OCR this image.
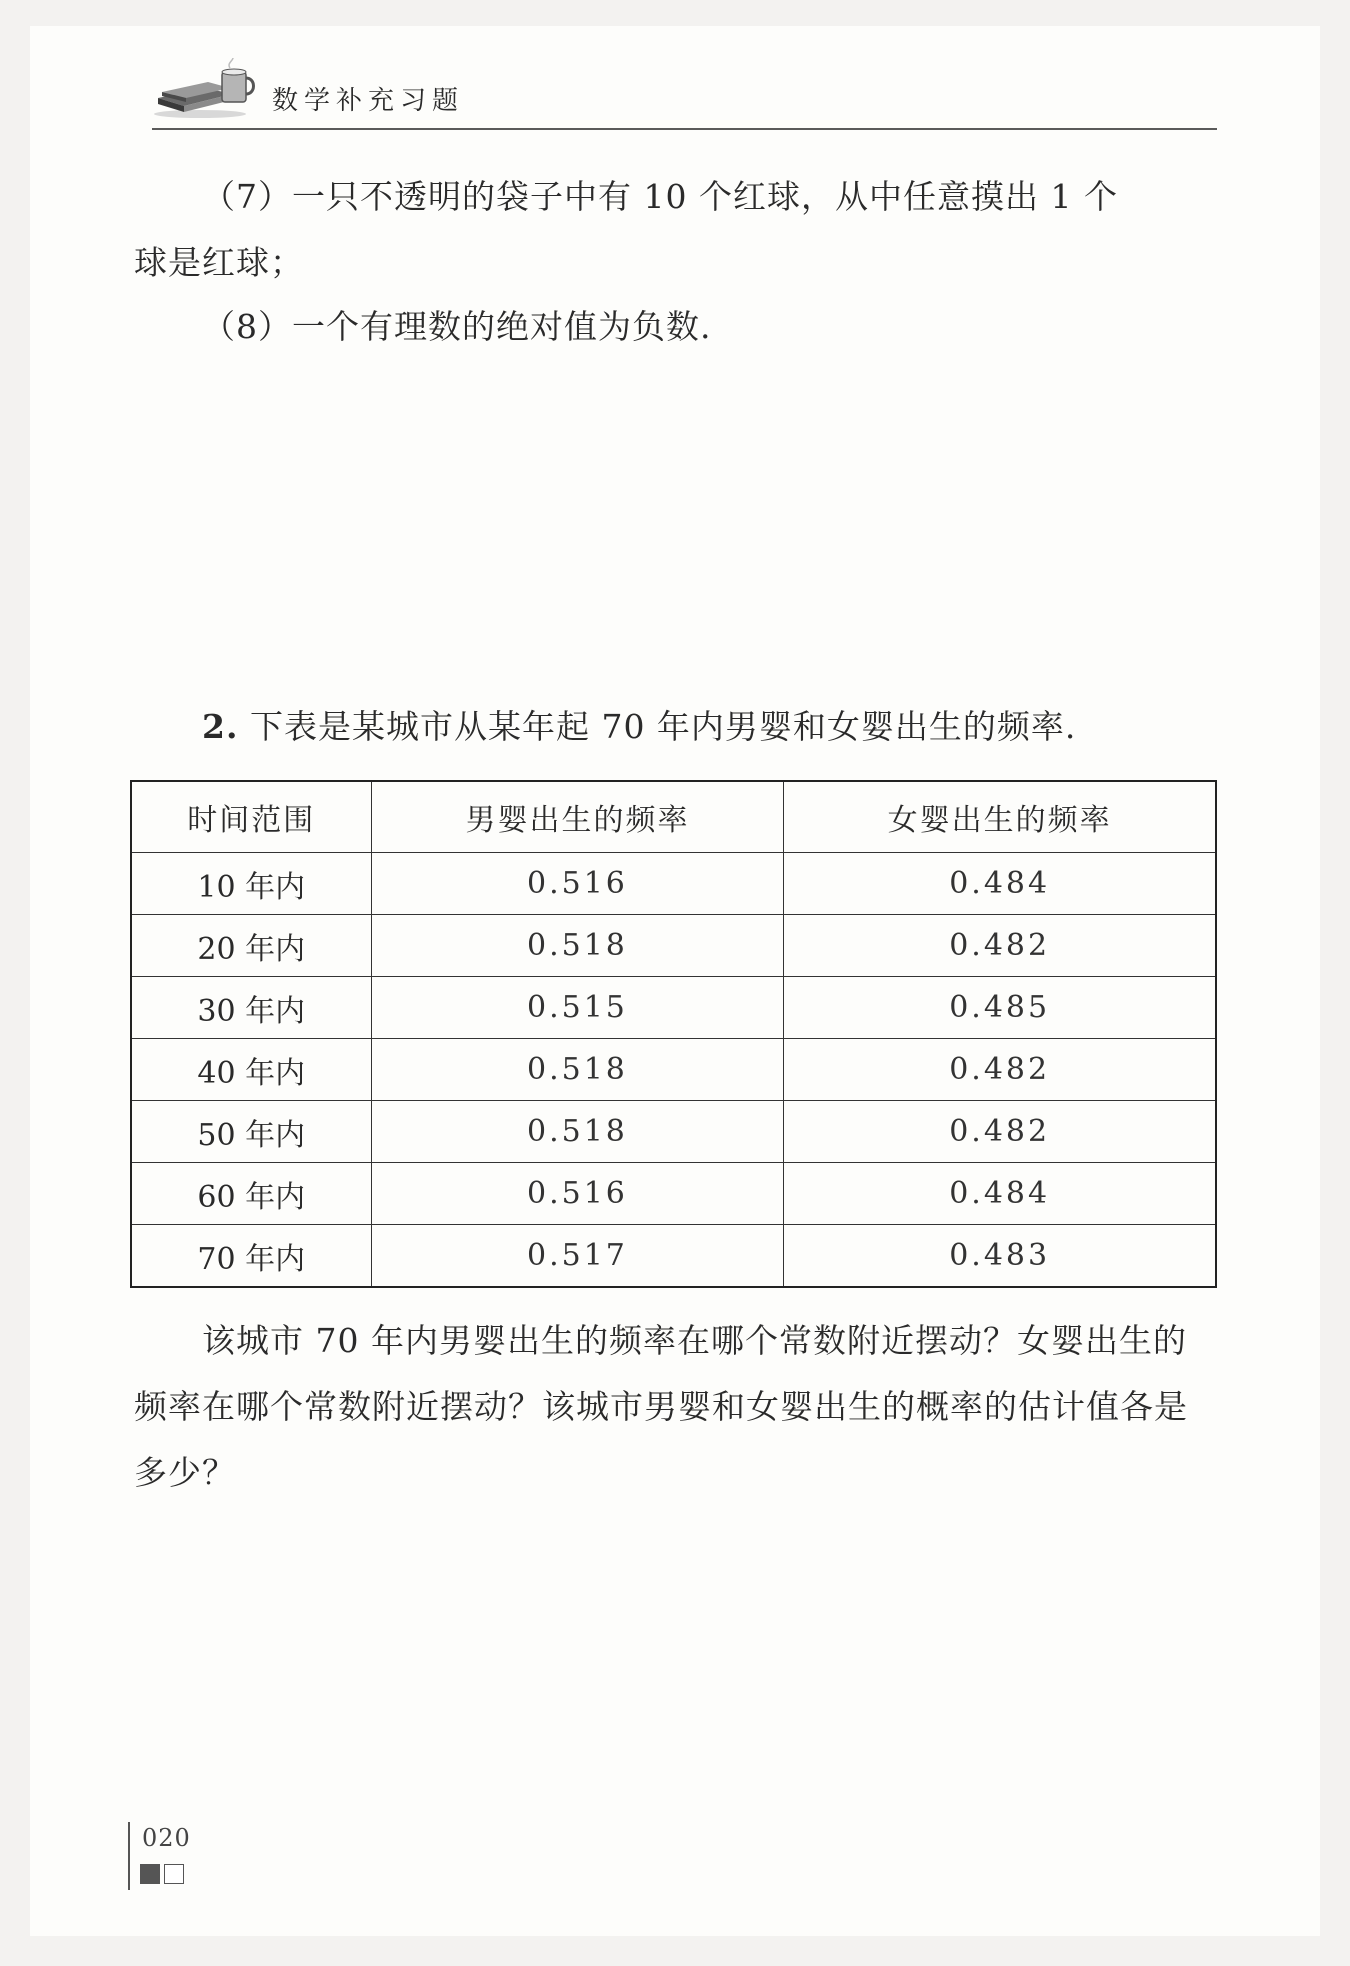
数学补充习题
（7）一只不透明的袋子中有 10 个红球，从中任意摸出 1 个
球是红球；
（8）一个有理数的绝对值为负数.
2. 下表是某城市从某年起 70 年内男婴和女婴出生的频率.
时间范围	男婴出生的频率	女婴出生的频率
10 年内	0.516	0.484
20 年内	0.518	0.482
30 年内	0.515	0.485
40 年内	0.518	0.482
50 年内	0.518	0.482
60 年内	0.516	0.484
70 年内	0.517	0.483
该城市 70 年内男婴出生的频率在哪个常数附近摆动？女婴出生的频率在哪个常数附近摆动？该城市男婴和女婴出生的概率的估计值各是多少？
020
